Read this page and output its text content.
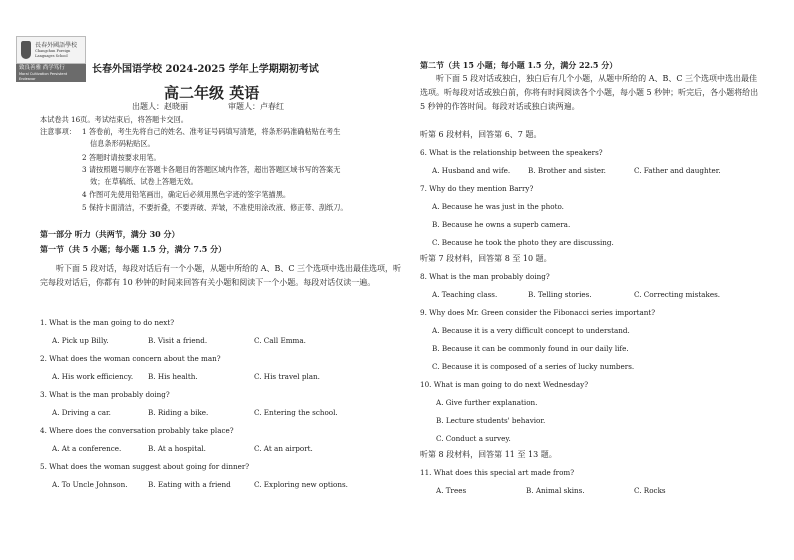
長春外國語學校
Changchun Foreign Languages School
致良善雅 尚学笃行
Moral Cultivation Persistent Endeavor
长春外国语学校 2024-2025 学年上学期期初考试
高二年级 英语
出题人：赵晓丽	审题人：卢春红
本试卷共 16页。考试结束后，将答题卡交回。
注意事项： 1 答卷前，考生先将自己的姓名、准考证号码填写清楚，将条形码准确粘贴在考生
信息条形码粘贴区。
2 答题时请按要求用笔。
3 请按照题号顺序在答题卡各题目的答题区域内作答，超出答题区域书写的答案无
效；在草稿纸、试卷上答题无效。
4 作图可先使用铅笔画出，确定后必须用黑色字迹的签字笔描黑。
5 保持卡面清洁，不要折叠，不要弄破、弄皱，不准使用涂改液、修正带、刮纸刀。
第一部分 听力（共两节，满分 30 分）
第一节（共 5 小题；每小题 1.5 分，满分 7.5 分）
听下面 5 段对话，每段对话后有一个小题，从题中所给的 A、B、C 三个选项中选出最佳选项，听完每段对话后，你都有 10 秒钟的时间来回答有关小题和阅读下一个小题。每段对话仅读一遍。
1. What is the man going to do next?
A. Pick up Billy.	B. Visit a friend.	C. Call Emma.
2. What does the woman concern about the man?
A. His work efficiency. B. His health.	C. His travel plan.
3. What is the man probably doing?
A. Driving a car.	B. Riding a bike.	C. Entering the school.
4. Where does the conversation probably take place?
A. At a conference.	B. At a hospital.	C. At an airport.
5. What does the woman suggest about going for dinner?
A. To Uncle Johnson.	B. Eating with a friend	C. Exploring new options.
第二节（共 15 小题；每小题 1.5 分，满分 22.5 分）
听下面 5 段对话或独白，独白后有几个小题，从题中所给的 A、B、C 三个选项中选出最佳选项。听每段对话或独白前，你将有时间阅读各个小题，每小题 5 秒钟；听完后，各小题将给出 5 秒钟的作答时间。每段对话或独白读两遍。
听第 6 段材料，回答第 6、7 题。
6. What is the relationship between the speakers?
A. Husband and wife. B. Brother and sister.	C. Father and daughter.
7. Why do they mention Barry?
A. Because he was just in the photo.
B. Because he owns a superb camera.
C. Because he took the photo they are discussing.
听第 7 段材料，回答第 8 至 10 题。
8. What is the man probably doing?
A. Teaching class.	B. Telling stories.	C. Correcting mistakes.
9. Why does Mr. Green consider the Fibonacci series important?
A. Because it is a very difficult concept to understand.
B. Because it can be commonly found in our daily life.
C. Because it is composed of a series of lucky numbers.
10. What is man going to do next Wednesday?
A. Give further explanation.
B. Lecture students' behavior.
C. Conduct a survey.
听第 8 段材料，回答第 11 至 13 题。
11. What does this special art made from?
A. Trees	B. Animal skins.	C. Rocks
